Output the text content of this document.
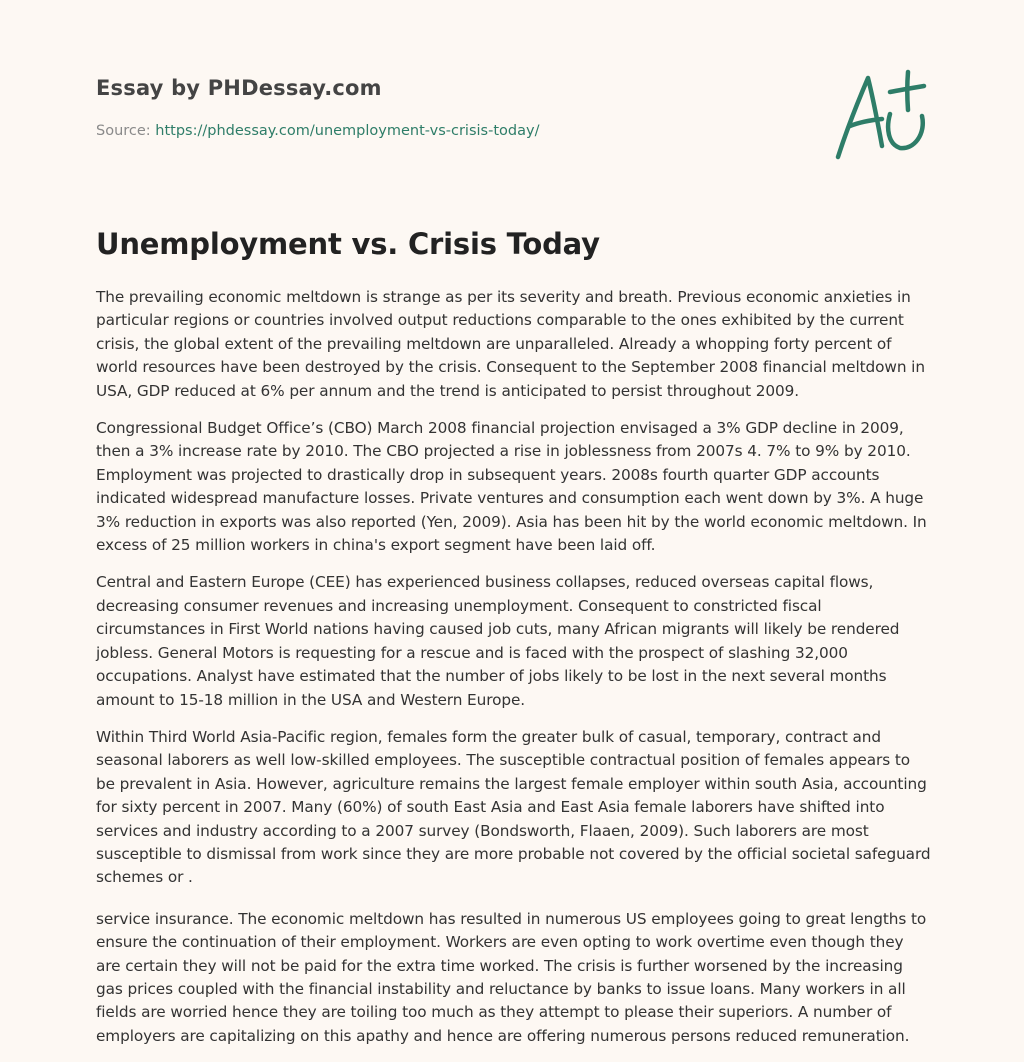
Essay by PHDessay.com
Source: https://phdessay.com/unemployment-vs-crisis-today/
Unemployment vs. Crisis Today

The prevailing economic meltdown is strange as per its severity and breath. Previous economic anxieties in particular regions or countries involved output reductions comparable to the ones exhibited by the current crisis, the global extent of the prevailing meltdown are unparalleled. Already a whopping forty percent of world resources have been destroyed by the crisis. Consequent to the September 2008 financial meltdown in USA, GDP reduced at 6% per annum and the trend is anticipated to persist throughout 2009.

Congressional Budget Office’s (CBO) March 2008 financial projection envisaged a 3% GDP decline in 2009, then a 3% increase rate by 2010. The CBO projected a rise in joblessness from 2007s 4. 7% to 9% by 2010. Employment was projected to drastically drop in subsequent years. 2008s fourth quarter GDP accounts indicated widespread manufacture losses. Private ventures and consumption each went down by 3%. A huge 3% reduction in exports was also reported (Yen, 2009). Asia has been hit by the world economic meltdown. In excess of 25 million workers in china's export segment have been laid off.

Central and Eastern Europe (CEE) has experienced business collapses, reduced overseas capital flows, decreasing consumer revenues and increasing unemployment. Consequent to constricted fiscal circumstances in First World nations having caused job cuts, many African migrants will likely be rendered jobless. General Motors is requesting for a rescue and is faced with the prospect of slashing 32,000 occupations. Analyst have estimated that the number of jobs likely to be lost in the next several months amount to 15-18 million in the USA and Western Europe.

Within Third World Asia-Pacific region, females form the greater bulk of casual, temporary, contract and seasonal laborers as well low-skilled employees. The susceptible contractual position of females appears to be prevalent in Asia. However, agriculture remains the largest female employer within south Asia, accounting for sixty percent in 2007. Many (60%) of south East Asia and East Asia female laborers have shifted into services and industry according to a 2007 survey (Bondsworth, Flaaen, 2009). Such laborers are most susceptible to dismissal from work since they are more probable not covered by the official societal safeguard schemes or .

service insurance. The economic meltdown has resulted in numerous US employees going to great lengths to ensure the continuation of their employment. Workers are even opting to work overtime even though they are certain they will not be paid for the extra time worked. The crisis is further worsened by the increasing gas prices coupled with the financial instability and reluctance by banks to issue loans. Many workers in all fields are worried hence they are toiling too much as they attempt to please their superiors. A number of employers are capitalizing on this apathy and hence are offering numerous persons reduced remuneration.
